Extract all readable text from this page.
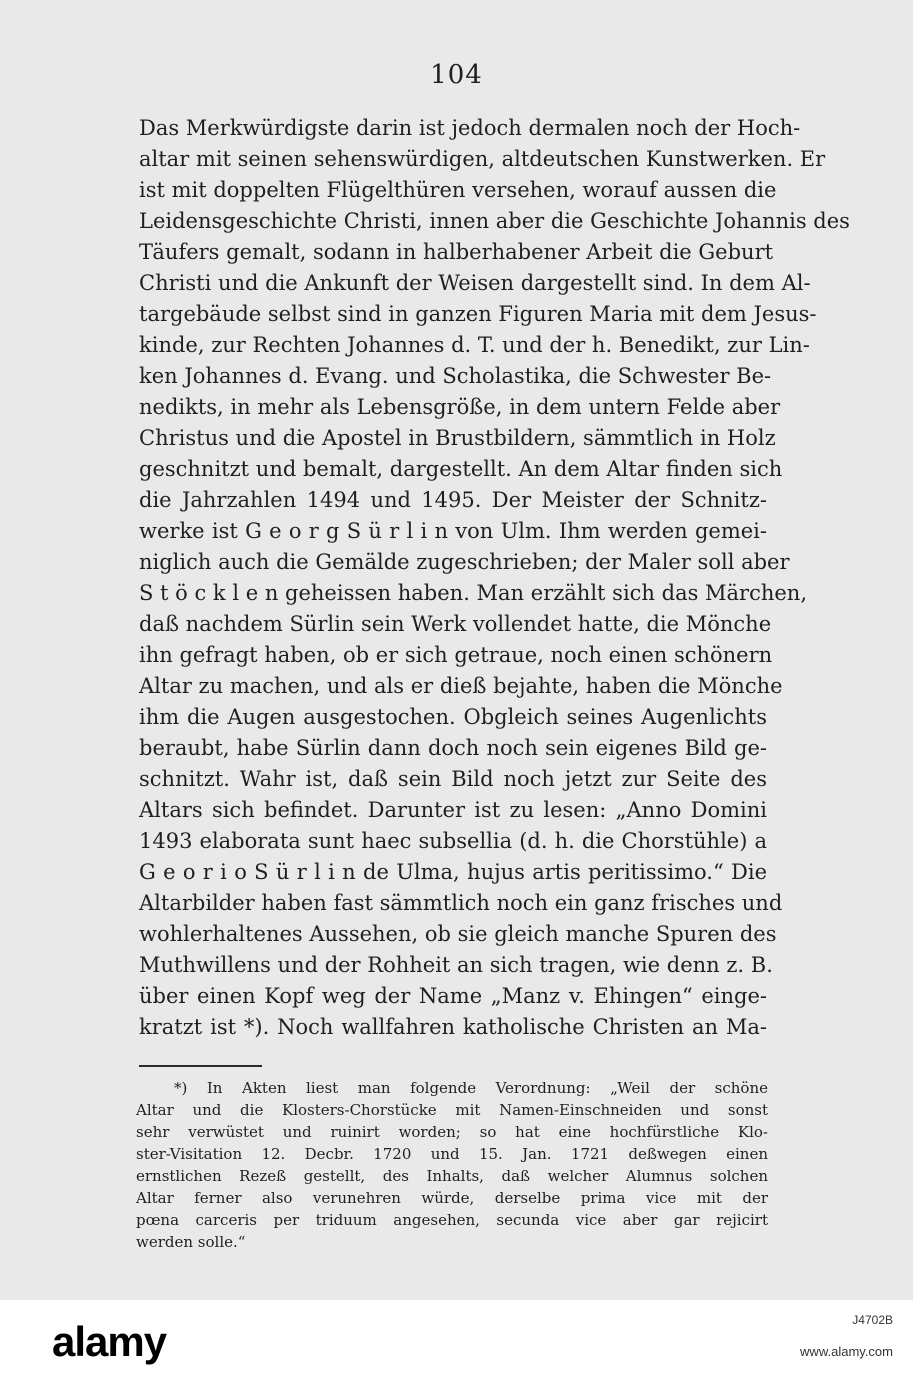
104
Das Merkwürdigste darin ist jedoch dermalen noch der Hoch-
altar mit seinen sehenswürdigen, altdeutschen Kunstwerken. Er
ist mit doppelten Flügelthüren versehen, worauf aussen die
Leidensgeschichte Christi, innen aber die Geschichte Johannis des
Täufers gemalt, sodann in halberhabener Arbeit die Geburt
Christi und die Ankunft der Weisen dargestellt sind. In dem Al-
targebäude selbst sind in ganzen Figuren Maria mit dem Jesus-
kinde, zur Rechten Johannes d. T. und der h. Benedikt, zur Lin-
ken Johannes d. Evang. und Scholastika, die Schwester Be-
nedikts, in mehr als Lebensgröße, in dem untern Felde aber
Christus und die Apostel in Brustbildern, sämmtlich in Holz
geschnitzt und bemalt, dargestellt. An dem Altar finden sich
die Jahrzahlen 1494 und 1495. Der Meister der Schnitz-
werke ist G e o r g S ü r l i n von Ulm. Ihm werden gemei-
niglich auch die Gemälde zugeschrieben; der Maler soll aber
S t ö c k l e n geheissen haben. Man erzählt sich das Märchen,
daß nachdem Sürlin sein Werk vollendet hatte, die Mönche
ihn gefragt haben, ob er sich getraue, noch einen schönern
Altar zu machen, und als er dieß bejahte, haben die Mönche
ihm die Augen ausgestochen. Obgleich seines Augenlichts
beraubt, habe Sürlin dann doch noch sein eigenes Bild ge-
schnitzt. Wahr ist, daß sein Bild noch jetzt zur Seite des
Altars sich befindet. Darunter ist zu lesen: „Anno Domini
1493 elaborata sunt haec subsellia (d. h. die Chorstühle) a
G e o r i o S ü r l i n de Ulma, hujus artis peritissimo.“ Die
Altarbilder haben fast sämmtlich noch ein ganz frisches und
wohlerhaltenes Aussehen, ob sie gleich manche Spuren des
Muthwillens und der Rohheit an sich tragen, wie denn z. B.
über einen Kopf weg der Name „Manz v. Ehingen“ einge-
kratzt ist *). Noch wallfahren katholische Christen an Ma-
*) In Akten liest man folgende Verordnung: „Weil der schöne
Altar und die Klosters-Chorstücke mit Namen-Einschneiden und sonst
sehr verwüstet und ruinirt worden; so hat eine hochfürstliche Klo-
ster-Visitation 12. Decbr. 1720 und 15. Jan. 1721 deßwegen einen
ernstlichen Rezeß gestellt, des Inhalts, daß welcher Alumnus solchen
Altar ferner also verunehren würde, derselbe prima vice mit der
pœna carceris per triduum angesehen, secunda vice aber gar rejicirt
werden solle.“
alamy	J4702B
www.alamy.com
